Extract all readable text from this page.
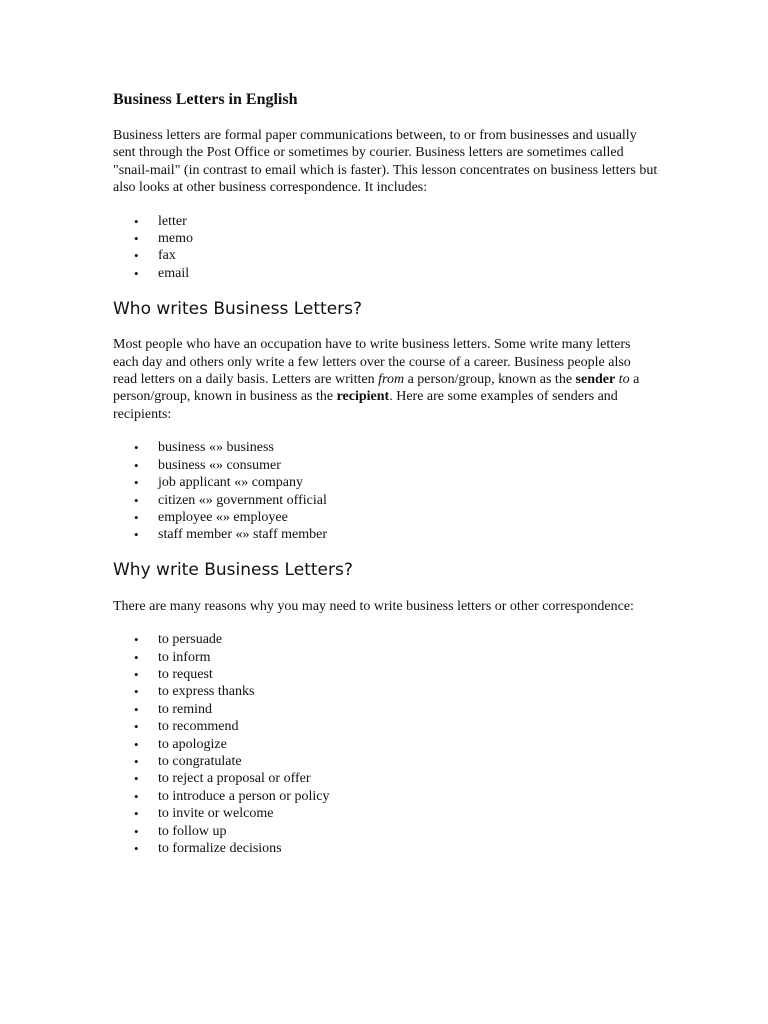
Business Letters in English

Business letters are formal paper communications between, to or from businesses and usually sent through the Post Office or sometimes by courier. Business letters are sometimes called "snail-mail" (in contrast to email which is faster). This lesson concentrates on business letters but also looks at other business correspondence. It includes:

• letter
• memo
• fax
• email
Who writes Business Letters?

Most people who have an occupation have to write business letters. Some write many letters each day and others only write a few letters over the course of a career. Business people also read letters on a daily basis. Letters are written from a person/group, known as the sender to a person/group, known in business as the recipient. Here are some examples of senders and recipients:

• business «» business
• business «» consumer
• job applicant «» company
• citizen «» government official
• employee «» employee
• staff member «» staff member
Why write Business Letters?

There are many reasons why you may need to write business letters or other correspondence:

• to persuade
• to inform
• to request
• to express thanks
• to remind
• to recommend
• to apologize
• to congratulate
• to reject a proposal or offer
• to introduce a person or policy
• to invite or welcome
• to follow up
• to formalize decisions
